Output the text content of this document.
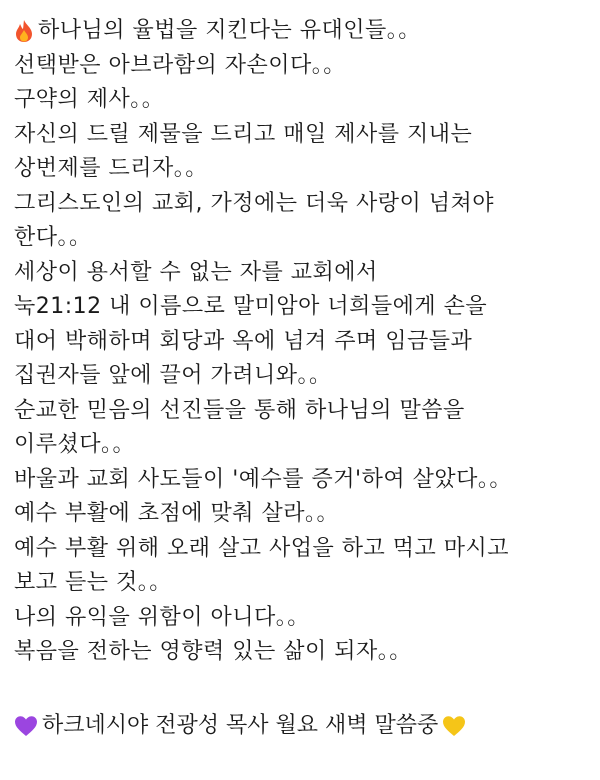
하나님의 율법을 지킨다는 유대인들。。
선택받은 아브라함의 자손이다。。
구약의 제사。。
자신의 드릴 제물을 드리고 매일 제사를 지내는
상번제를 드리자。。
그리스도인의 교회, 가정에는 더욱 사랑이 넘쳐야
한다。。
세상이 용서할 수 없는 자를 교회에서
눅21:12 내 이름으로 말미암아 너희들에게 손을
대어 박해하며 회당과 옥에 넘겨 주며 임금들과
집권자들 앞에 끌어 가려니와。。
순교한 믿음의 선진들을 통해 하나님의 말씀을
이루셨다。。
바울과 교회 사도들이 '예수를 증거'하여 살았다。。
예수 부활에 초점에 맞춰 살라。。
예수 부활 위해 오래 살고 사업을 하고 먹고 마시고
보고 듣는 것。。
나의 유익을 위함이 아니다。。
복음을 전하는 영향력 있는 삶이 되자。。
하크네시야 전광성 목사 월요 새벽 말씀중
